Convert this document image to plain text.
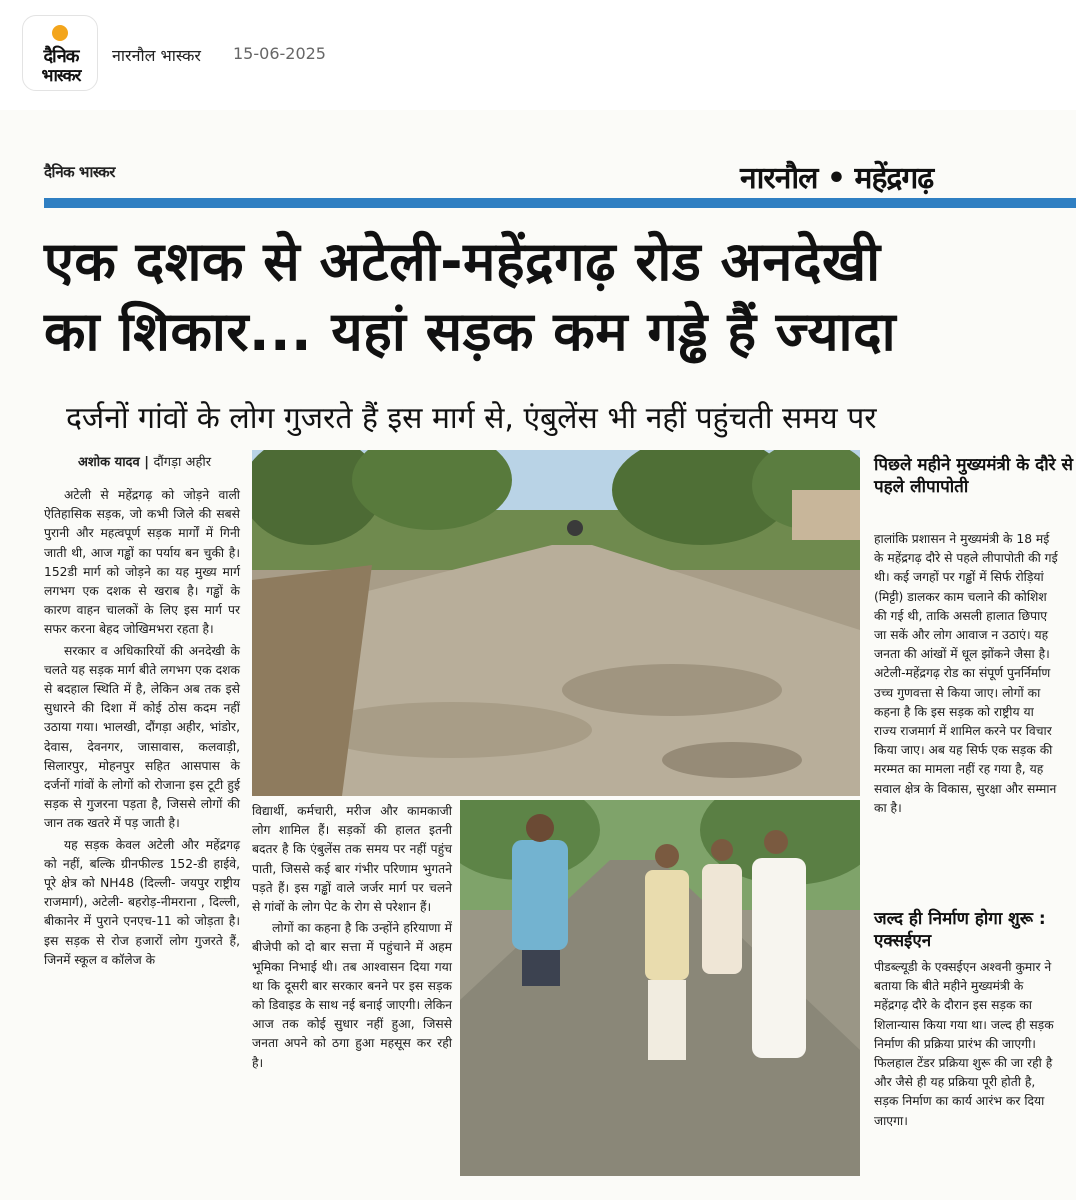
दैनिक
भास्कर
नारनौल भास्कर 15-06-2025
दैनिक भास्कर	नारनौल • महेंद्रगढ़
एक दशक से अटेली-महेंद्रगढ़ रोड अनदेखी
का शिकार... यहां सड़क कम गड्ढे हैं ज्यादा
दर्जनों गांवों के लोग गुजरते हैं इस मार्ग से, एंबुलेंस भी नहीं पहुंचती समय पर
अशोक यादव | दौंगड़ा अहीर

अटेली से महेंद्रगढ़ को जोड़ने वाली ऐतिहासिक सड़क, जो कभी जिले की सबसे पुरानी और महत्वपूर्ण सड़क मार्गों में गिनी जाती थी, आज गड्ढों का पर्याय बन चुकी है। 152डी मार्ग को जोड़ने का यह मुख्य मार्ग लगभग एक दशक से खराब है। गड्ढों के कारण वाहन चालकों के लिए इस मार्ग पर सफर करना बेहद जोखिमभरा रहता है।

सरकार व अधिकारियों की अनदेखी के चलते यह सड़क मार्ग बीते लगभग एक दशक से बदहाल स्थिति में है, लेकिन अब तक इसे सुधारने की दिशा में कोई ठोस कदम नहीं उठाया गया। भालखी, दौंगड़ा अहीर, भांडोर, देवास, देवनगर, जासावास, कलवाड़ी, सिलारपुर, मोहनपुर सहित आसपास के दर्जनों गांवों के लोगों को रोजाना इस टूटी हुई सड़क से गुजरना पड़ता है, जिससे लोगों की जान तक खतरे में पड़ जाती है।

यह सड़क केवल अटेली और महेंद्रगढ़ को नहीं, बल्कि ग्रीनफील्ड 152-डी हाईवे, पूरे क्षेत्र को NH48 (दिल्ली- जयपुर राष्ट्रीय राजमार्ग), अटेली- बहरोड़-नीमराना , दिल्ली, बीकानेर में पुराने एनएच-11 को जोड़ता है। इस सड़क से रोज हजारों लोग गुजरते हैं, जिनमें स्कूल व कॉलेज के

विद्यार्थी, कर्मचारी, मरीज और कामकाजी लोग शामिल हैं। सड़कों की हालत इतनी बदतर है कि एंबुलेंस तक समय पर नहीं पहुंच पाती, जिससे कई बार गंभीर परिणाम भुगतने पड़ते हैं। इस गड्ढों वाले जर्जर मार्ग पर चलने से गांवों के लोग पेट के रोग से परेशान हैं।

लोगों का कहना है कि उन्होंने हरियाणा में बीजेपी को दो बार सत्ता में पहुंचाने में अहम भूमिका निभाई थी। तब आश्वासन दिया गया था कि दूसरी बार सरकार बनने पर इस सड़क को डिवाइड के साथ नई बनाई जाएगी। लेकिन आज तक कोई सुधार नहीं हुआ, जिससे जनता अपने को ठगा हुआ महसूस कर रही है।

पिछले महीने मुख्यमंत्री के दौरे से पहले लीपापोती
हालांकि प्रशासन ने मुख्यमंत्री के 18 मई के महेंद्रगढ़ दौरे से पहले लीपापोती की गई थी। कई जगहों पर गड्ढों में सिर्फ रोड़ियां (मिट्टी) डालकर काम चलाने की कोशिश की गई थी, ताकि असली हालात छिपाए जा सकें और लोग आवाज न उठाएं। यह जनता की आंखों में धूल झोंकने जैसा है। अटेली-महेंद्रगढ़ रोड का संपूर्ण पुनर्निर्माण उच्च गुणवत्ता से किया जाए। लोगों का कहना है कि इस सड़क को राष्ट्रीय या राज्य राजमार्ग में शामिल करने पर विचार किया जाए। अब यह सिर्फ एक सड़क की मरम्मत का मामला नहीं रह गया है, यह सवाल क्षेत्र के विकास, सुरक्षा और सम्मान का है।
जल्द ही निर्माण होगा शुरू : एक्सईएन
पीडब्ल्यूडी के एक्सईएन अश्वनी कुमार ने बताया कि बीते महीने मुख्यमंत्री के महेंद्रगढ़ दौरे के दौरान इस सड़क का शिलान्यास किया गया था। जल्द ही सड़क निर्माण की प्रक्रिया प्रारंभ की जाएगी। फिलहाल टेंडर प्रक्रिया शुरू की जा रही है और जैसे ही यह प्रक्रिया पूरी होती है, सड़क निर्माण का कार्य आरंभ कर दिया जाएगा।
